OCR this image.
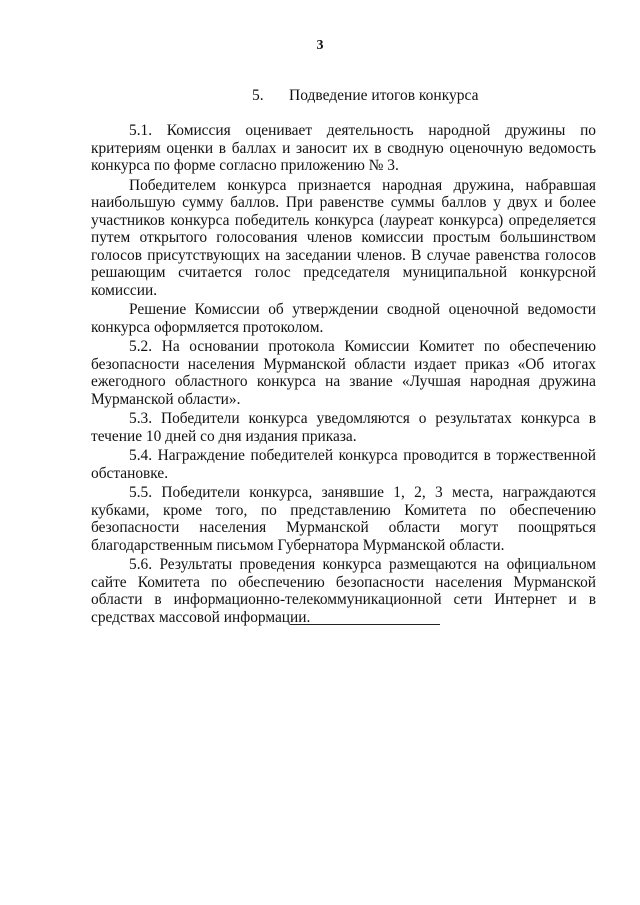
3
5. Подведение итогов конкурса

5.1. Комиссия оценивает деятельность народной дружины по критериям оценки в баллах и заносит их в сводную оценочную ведомость конкурса по форме согласно приложению № 3.

Победителем конкурса признается народная дружина, набравшая наибольшую сумму баллов. При равенстве суммы баллов у двух и более участников конкурса победитель конкурса (лауреат конкурса) определяется путем открытого голосования членов комиссии простым большинством голосов присутствующих на заседании членов. В случае равенства голосов решающим считается голос председателя муниципальной конкурсной комиссии.

Решение Комиссии об утверждении сводной оценочной ведомости конкурса оформляется протоколом.

5.2. На основании протокола Комиссии Комитет по обеспечению безопасности населения Мурманской области издает приказ «Об итогах ежегодного областного конкурса на звание «Лучшая народная дружина Мурманской области».

5.3. Победители конкурса уведомляются о результатах конкурса в течение 10 дней со дня издания приказа.

5.4. Награждение победителей конкурса проводится в торжественной обстановке.

5.5. Победители конкурса, занявшие 1, 2, 3 места, награждаются кубками, кроме того, по представлению Комитета по обеспечению безопасности населения Мурманской области могут поощряться благодарственным письмом Губернатора Мурманской области.

5.6. Результаты проведения конкурса размещаются на официальном сайте Комитета по обеспечению безопасности населения Мурманской области в информационно-телекоммуникационной сети Интернет и в средствах массовой информации.
